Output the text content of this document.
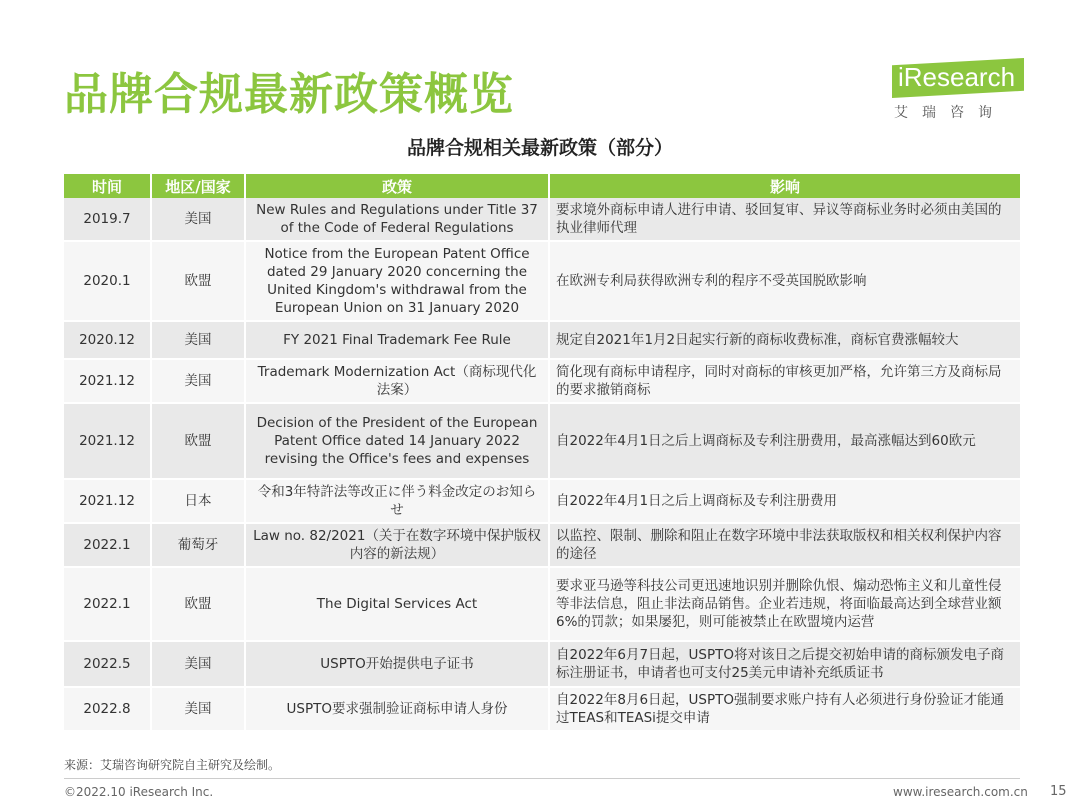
品牌合规最新政策概览	iResearch
艾瑞咨询
品牌合规相关最新政策（部分）
时间	地区/国家	政策	影响
2019.7	美国	New Rules and Regulations under Title 37 of the Code of Federal Regulations	要求境外商标申请人进行申请、驳回复审、异议等商标业务时必须由美国的执业律师代理
2020.1	欧盟	Notice from the European Patent Office dated 29 January 2020 concerning the United Kingdom's withdrawal from the European Union on 31 January 2020	在欧洲专利局获得欧洲专利的程序不受英国脱欧影响
2020.12	美国	FY 2021 Final Trademark Fee Rule	规定自2021年1月2日起实行新的商标收费标准，商标官费涨幅较大
2021.12	美国	Trademark Modernization Act（商标现代化法案）	简化现有商标申请程序，同时对商标的审核更加严格，允许第三方及商标局的要求撤销商标
2021.12	欧盟	Decision of the President of the European Patent Office dated 14 January 2022 revising the Office's fees and expenses	自2022年4月1日之后上调商标及专利注册费用，最高涨幅达到60欧元
2021.12	日本	令和3年特許法等改正に伴う料金改定のお知らせ	自2022年4月1日之后上调商标及专利注册费用
2022.1	葡萄牙	Law no. 82/2021（关于在数字环境中保护版权内容的新法规）	以监控、限制、删除和阻止在数字环境中非法获取版权和相关权利保护内容的途径
2022.1	欧盟	The Digital Services Act	要求亚马逊等科技公司更迅速地识别并删除仇恨、煽动恐怖主义和儿童性侵等非法信息，阻止非法商品销售。企业若违规，将面临最高达到全球营业额6%的罚款；如果屡犯，则可能被禁止在欧盟境内运营
2022.5	美国	USPTO开始提供电子证书	自2022年6月7日起，USPTO将对该日之后提交初始申请的商标颁发电子商标注册证书，申请者也可支付25美元申请补充纸质证书
2022.8	美国	USPTO要求强制验证商标申请人身份	自2022年8月6日起，USPTO强制要求账户持有人必须进行身份验证才能通过TEAS和TEASi提交申请
来源：艾瑞咨询研究院自主研究及绘制。
©2022.10 iResearch Inc.	www.iresearch.com.cn 15
